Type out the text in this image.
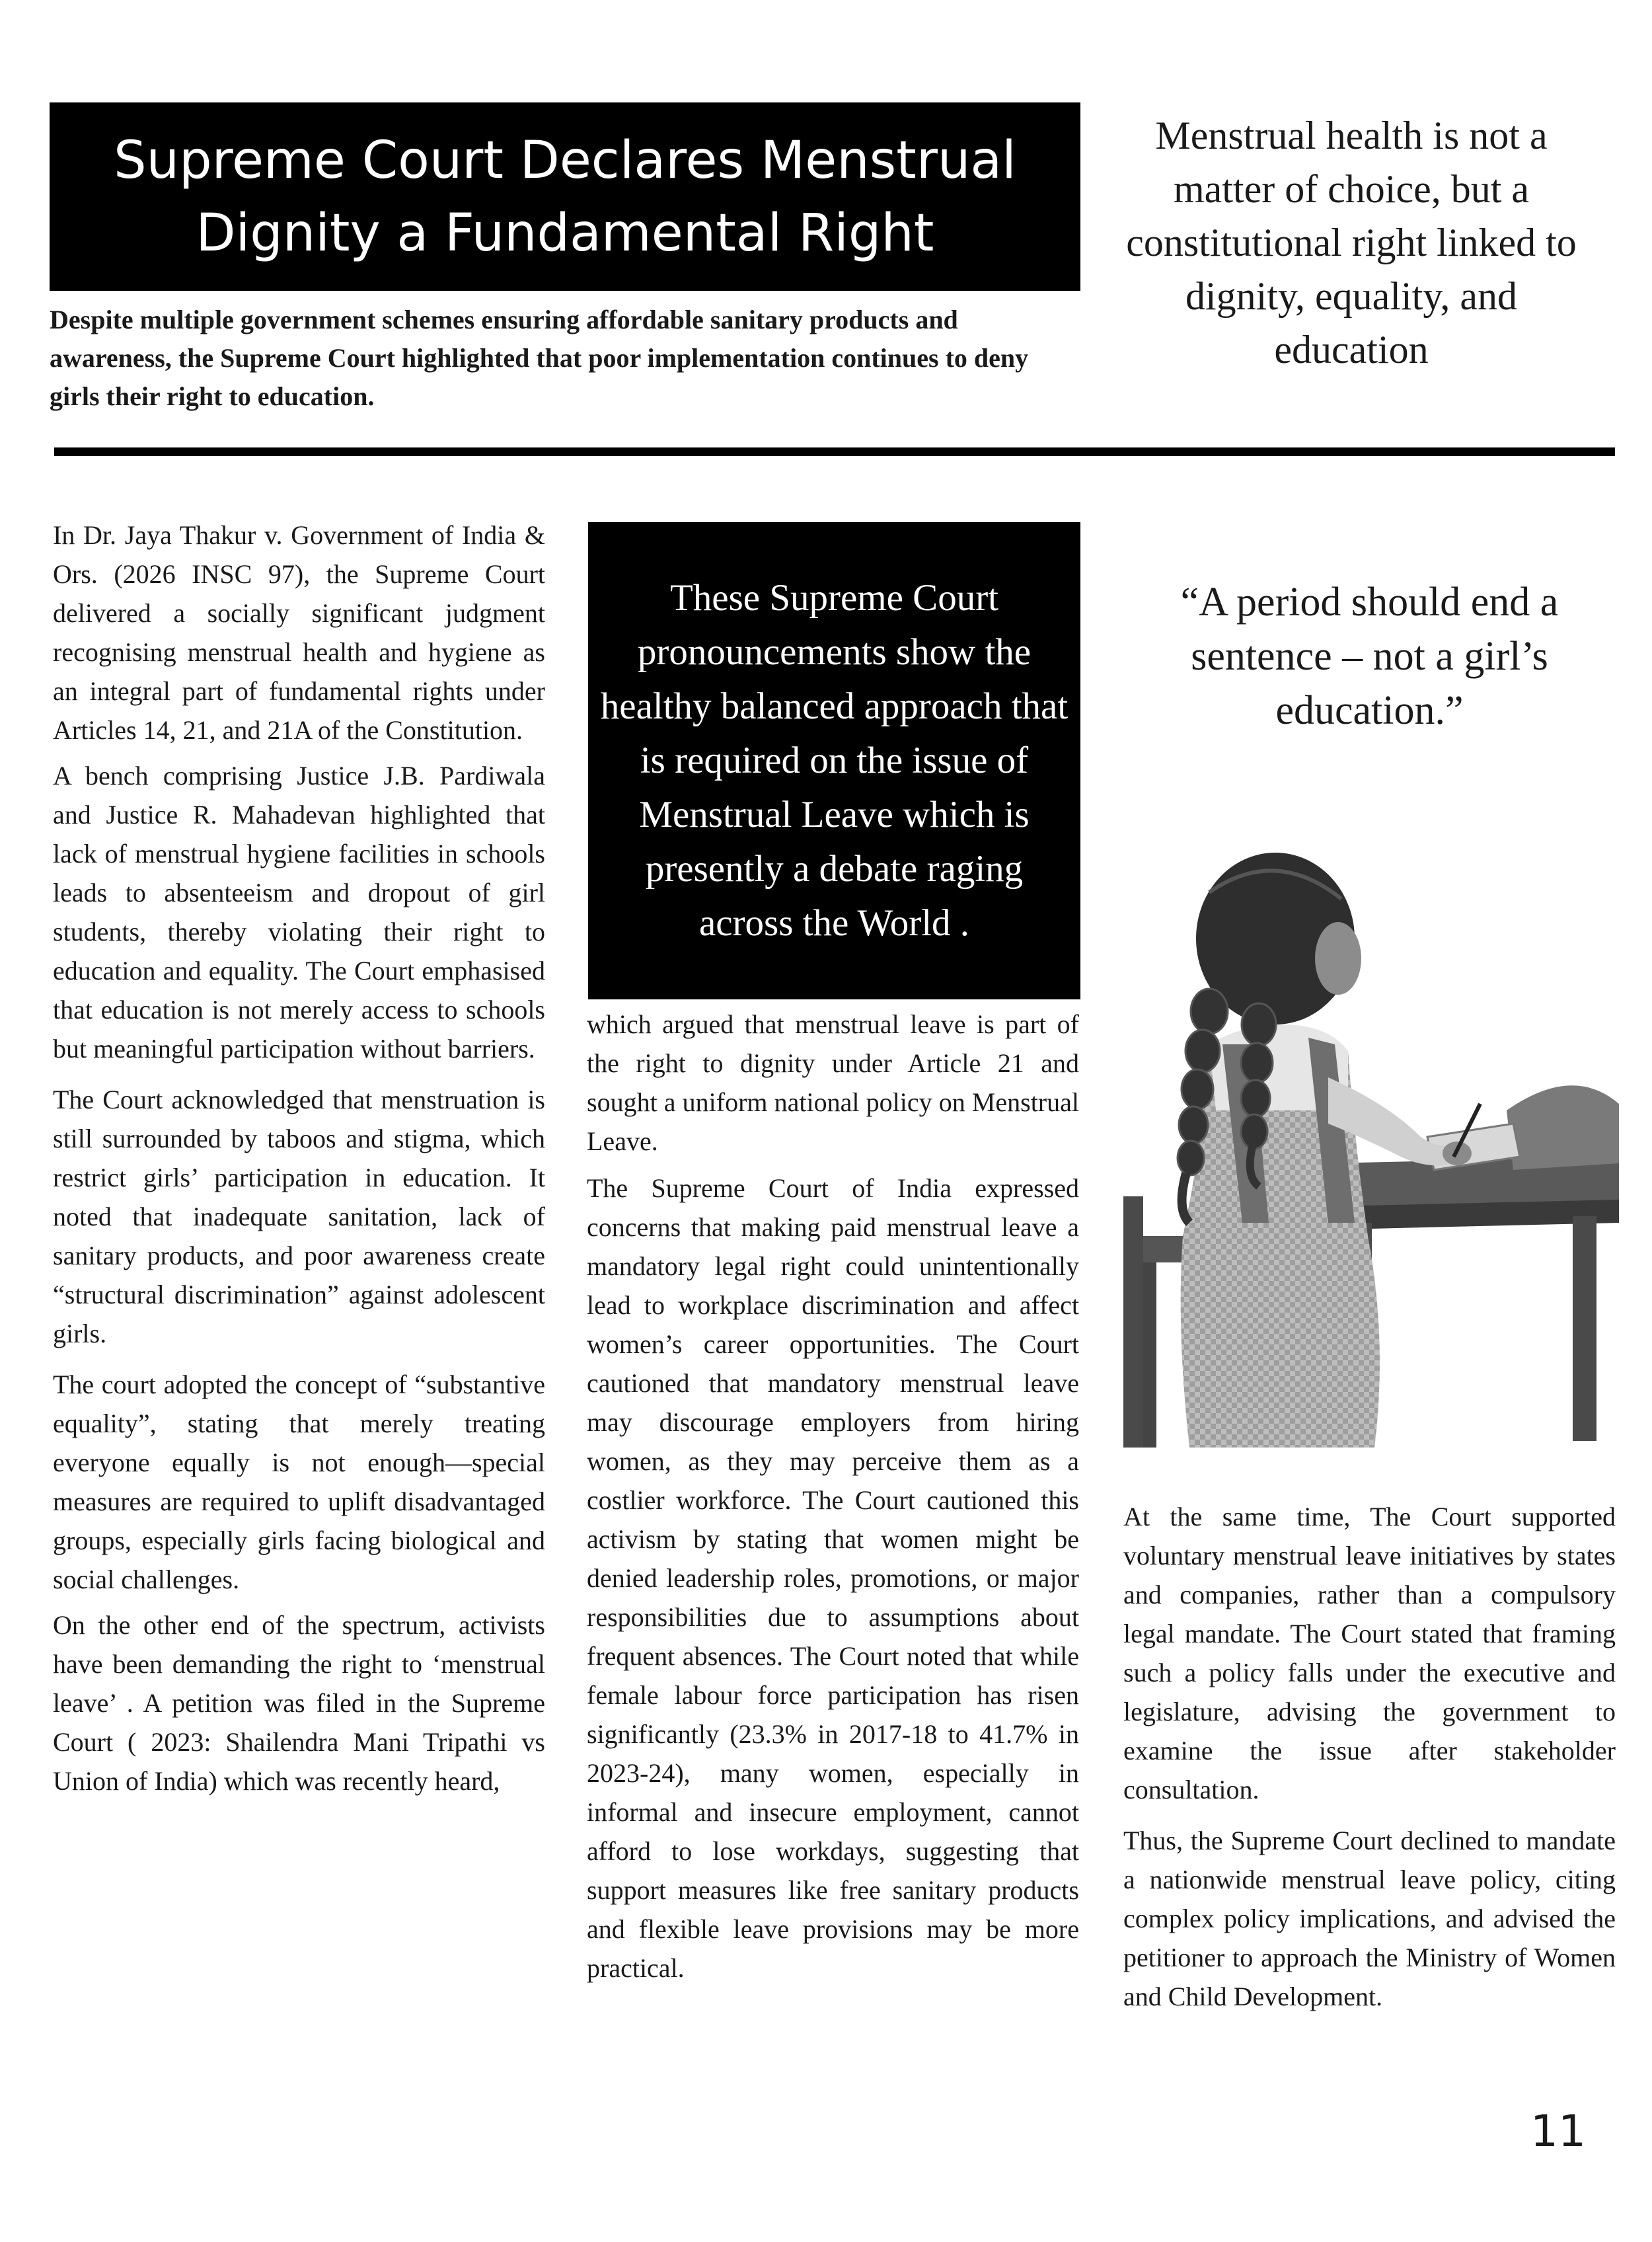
Supreme Court Declares Menstrual Dignity a Fundamental Right

Despite multiple government schemes ensuring affordable sanitary products and awareness, the Supreme Court highlighted that poor implementation continues to deny girls their right to education.

Menstrual health is not a matter of choice, but a constitutional right linked to dignity, equality, and education

In Dr. Jaya Thakur v. Government of India & Ors. (2026 INSC 97), the Supreme Court delivered a socially significant judgment recognising menstrual health and hygiene as an integral part of fundamental rights under Articles 14, 21, and 21A of the Constitution.

A bench comprising Justice J.B. Pardiwala and Justice R. Mahadevan highlighted that lack of menstrual hygiene facilities in schools leads to absenteeism and dropout of girl students, thereby violating their right to education and equality. The Court emphasised that education is not merely access to schools but meaningful participation without barriers.

The Court acknowledged that menstruation is still surrounded by taboos and stigma, which restrict girls’ participation in education. It noted that inadequate sanitation, lack of sanitary products, and poor awareness create “structural discrimination” against adolescent girls.

The court adopted the concept of “substantive equality”, stating that merely treating everyone equally is not enough—special measures are required to uplift disadvantaged groups, especially girls facing biological and social challenges.

On the other end of the spectrum, activists have been demanding the right to ‘menstrual leave’ . A petition was filed in the Supreme Court ( 2023: Shailendra Mani Tripathi vs Union of India) which was recently heard,

These Supreme Court pronouncements show the healthy balanced approach that is required on the issue of Menstrual Leave which is presently a debate raging across the World .

which argued that menstrual leave is part of the right to dignity under Article 21 and sought a uniform national policy on Menstrual Leave.

The Supreme Court of India expressed concerns that making paid menstrual leave a mandatory legal right could unintentionally lead to workplace discrimination and affect women’s career opportunities. The Court cautioned that mandatory menstrual leave may discourage employers from hiring women, as they may perceive them as a costlier workforce. The Court cautioned this activism by stating that women might be denied leadership roles, promotions, or major responsibilities due to assumptions about frequent absences. The Court noted that while female labour force participation has risen significantly (23.3% in 2017-18 to 41.7% in 2023-24), many women, especially in informal and insecure employment, cannot afford to lose workdays, suggesting that support measures like free sanitary products and flexible leave provisions may be more practical.

“A period should end a sentence – not a girl’s education.”

At the same time, The Court supported voluntary menstrual leave initiatives by states and companies, rather than a compulsory legal mandate. The Court stated that framing such a policy falls under the executive and legislature, advising the government to examine the issue after stakeholder consultation.

Thus, the Supreme Court declined to mandate a nationwide menstrual leave policy, citing complex policy implications, and advised the petitioner to approach the Ministry of Women and Child Development.

11
